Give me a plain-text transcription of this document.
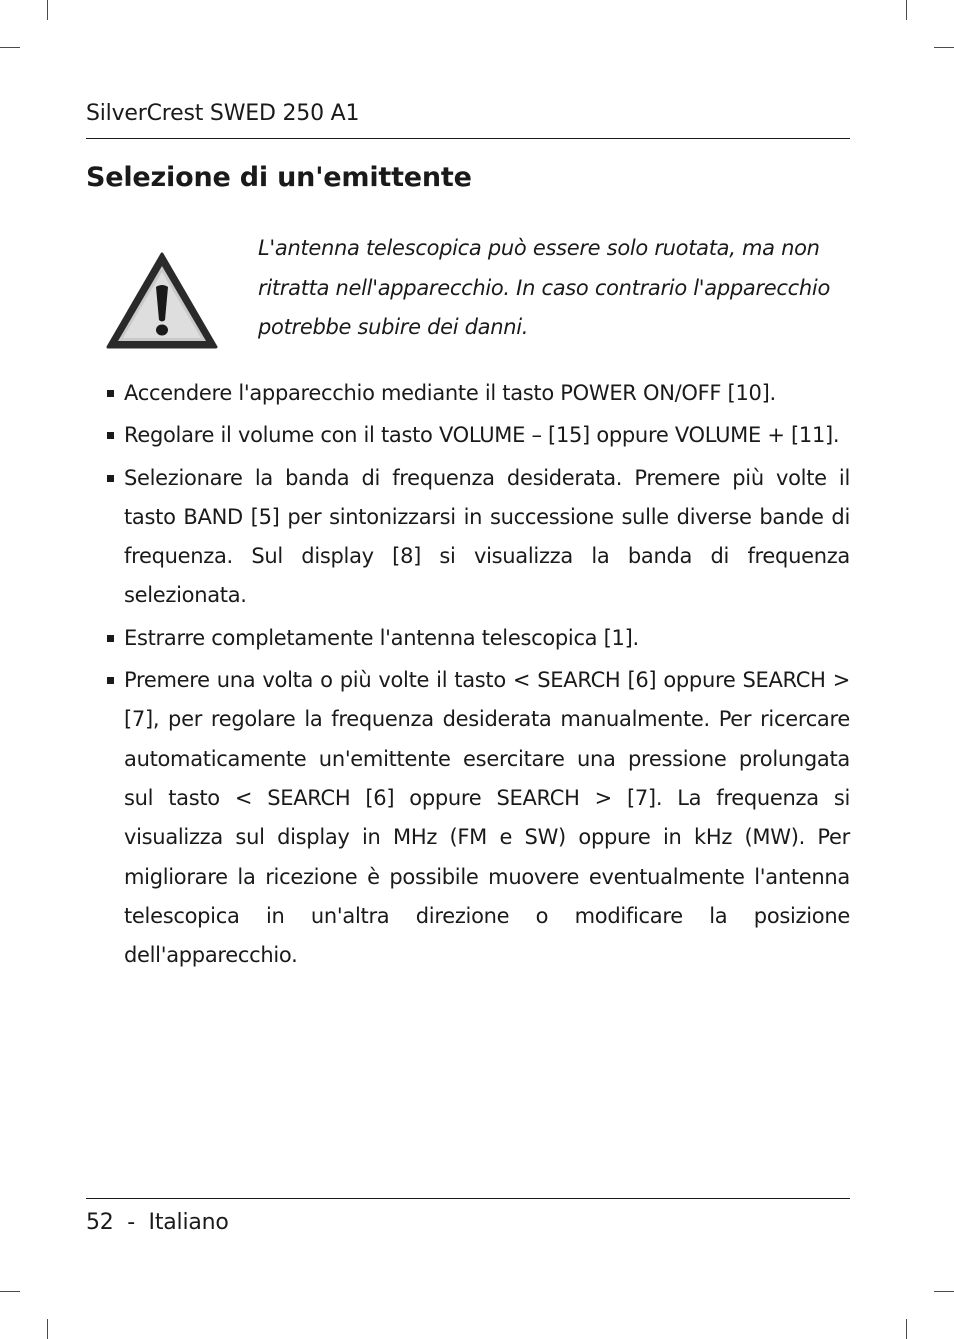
SilverCrest SWED 250 A1
Selezione di un'emittente

L'antenna telescopica può essere solo ruotata, ma non ritratta nell'apparecchio. In caso contrario l'apparecchio potrebbe subire dei danni.

Accendere l'apparecchio mediante il tasto POWER ON/OFF [10].
Regolare il volume con il tasto VOLUME – [15] oppure VOLUME + [11].
Selezionare la banda di frequenza desiderata. Premere più volte il tasto BAND [5] per sintonizzarsi in successione sulle diverse bande di frequenza. Sul display [8] si visualizza la banda di frequenza selezionata.
Estrarre completamente l'antenna telescopica [1].
Premere una volta o più volte il tasto < SEARCH [6] oppure SEARCH > [7], per regolare la frequenza desiderata manualmente. Per ricercare automaticamente un'emittente esercitare una pressione prolungata sul tasto < SEARCH [6] oppure SEARCH > [7]. La frequenza si visualizza sul display in MHz (FM e SW) oppure in kHz (MW). Per migliorare la ricezione è possibile muovere eventualmente l'antenna telescopica in un'altra direzione o modificare la posizione dell'apparecchio.
52 - Italiano
